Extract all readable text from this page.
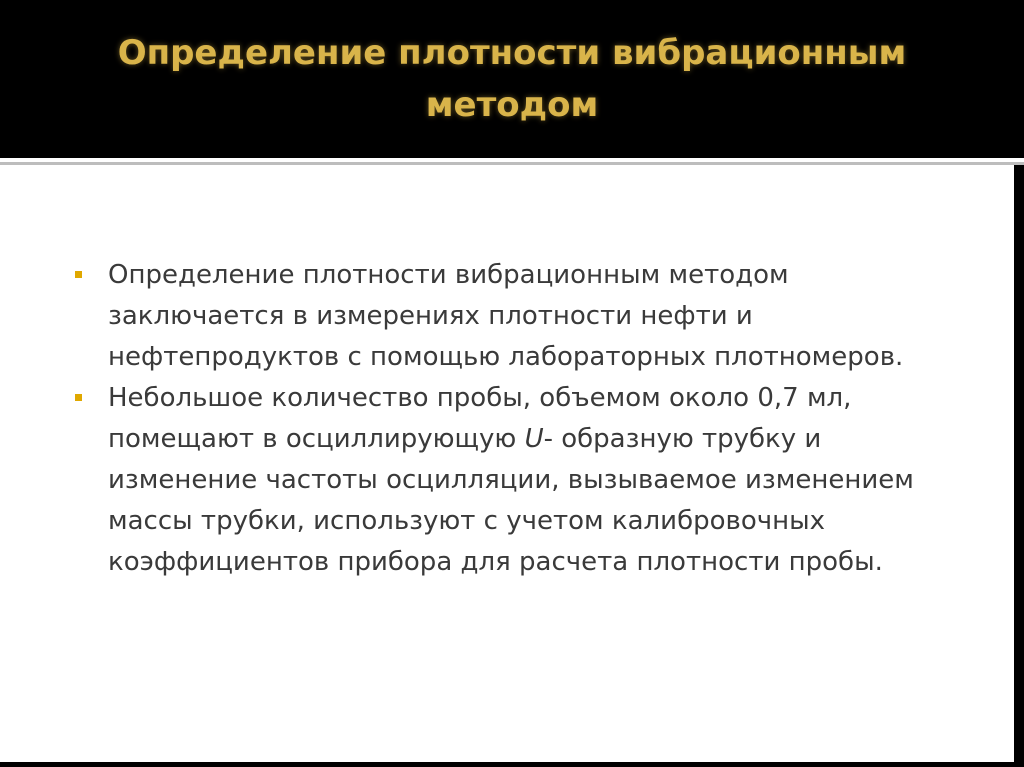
Определение плотности вибрационным методом
Определение плотности вибрационным методом заключается в измерениях плотности нефти и нефтепродуктов с помощью лабораторных плотномеров.
Небольшое количество пробы, объемом около 0,7 мл, помещают в осциллирующую U- образную трубку и изменение частоты осцилляции, вызываемое изменением массы трубки, используют с учетом калибровочных коэффициентов прибора для расчета плотности пробы.
